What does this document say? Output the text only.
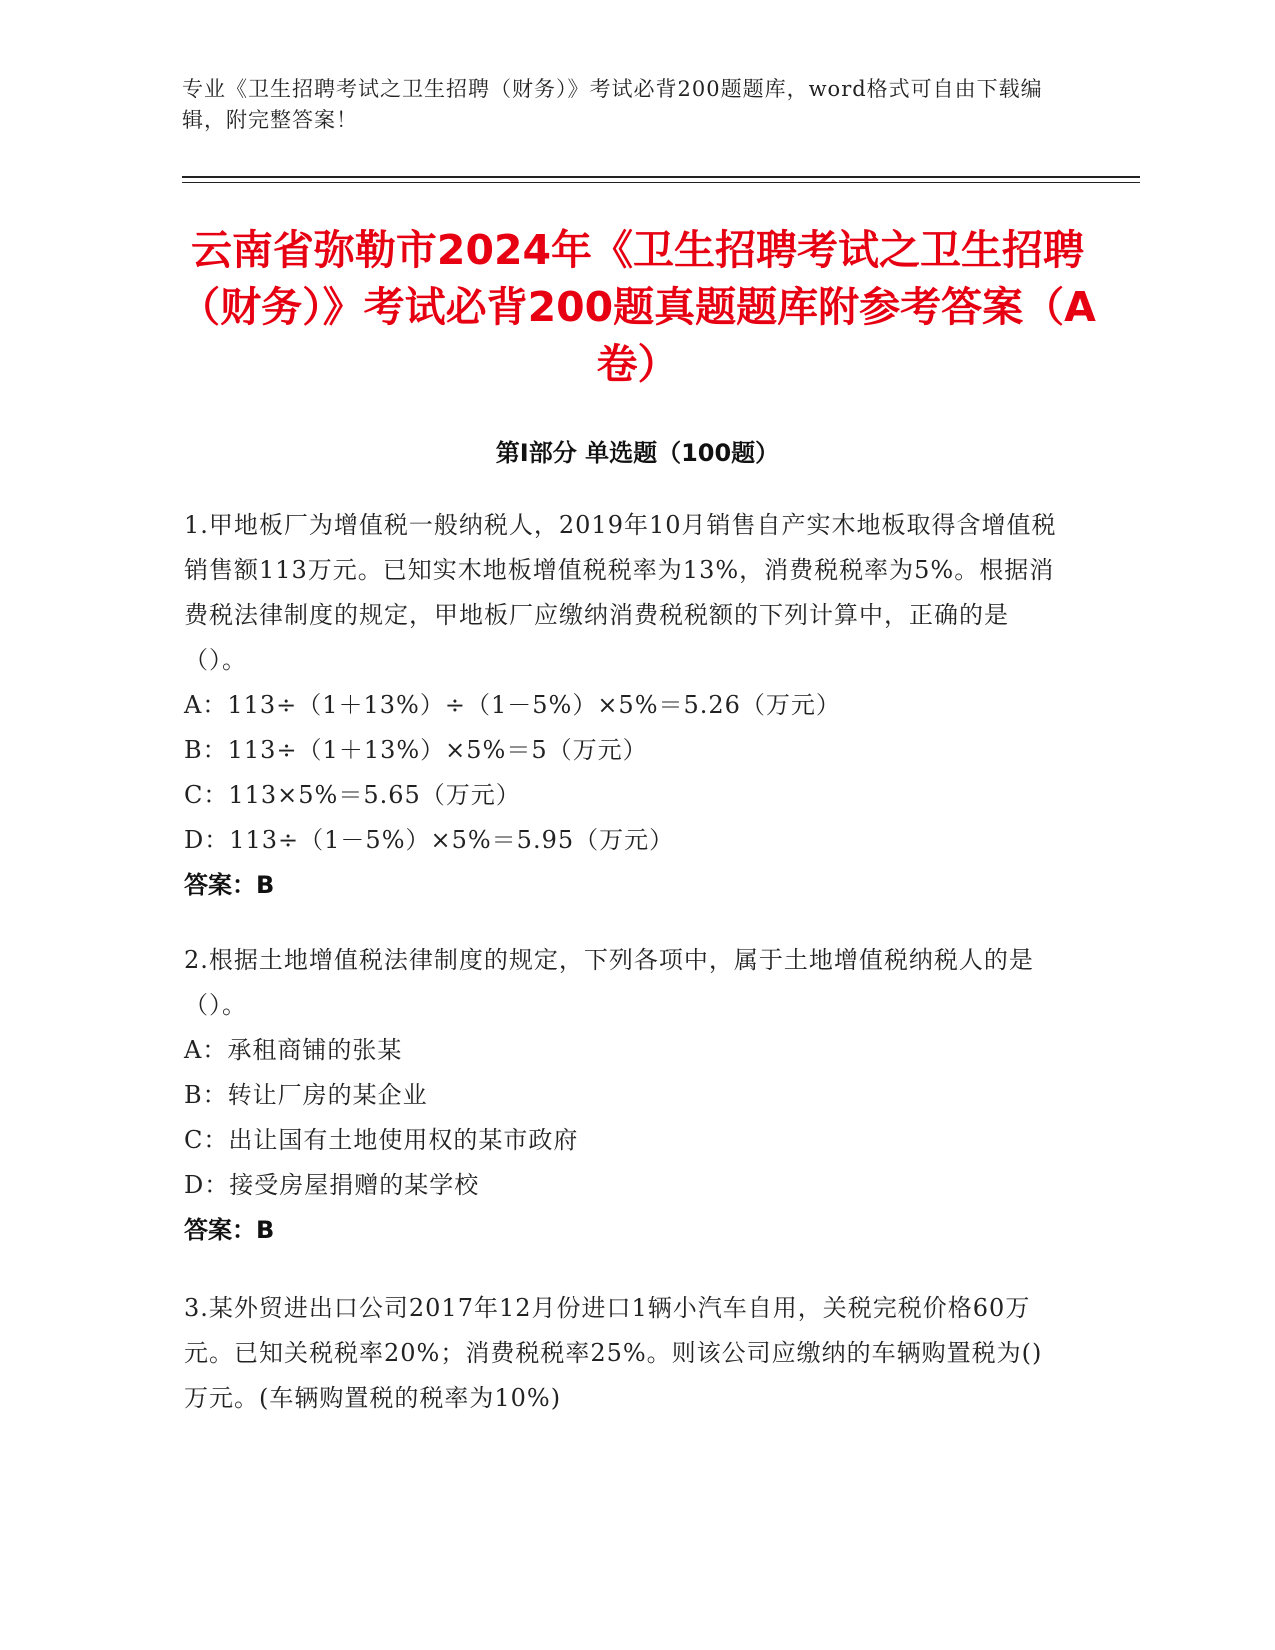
专业《卫生招聘考试之卫生招聘（财务）》考试必背200题题库，word格式可自由下载编辑，附完整答案！

云南省弥勒市2024年《卫生招聘考试之卫生招聘（财务）》考试必背200题真题题库附参考答案（A卷）
第I部分 单选题（100题）

1.甲地板厂为增值税一般纳税人，2019年10月销售自产实木地板取得含增值税销售额113万元。已知实木地板增值税税率为13%，消费税税率为5%。根据消费税法律制度的规定，甲地板厂应缴纳消费税税额的下列计算中，正确的是（）。

A：113÷（1＋13%）÷（1－5%）×5%＝5.26（万元）

B：113÷（1＋13%）×5%＝5（万元）

C：113×5%＝5.65（万元）

D：113÷（1－5%）×5%＝5.95（万元）

答案：B

2.根据土地增值税法律制度的规定，下列各项中，属于土地增值税纳税人的是（）。

A：承租商铺的张某

B：转让厂房的某企业

C：出让国有土地使用权的某市政府

D：接受房屋捐赠的某学校

答案：B

3.某外贸进出口公司2017年12月份进口1辆小汽车自用，关税完税价格60万元。已知关税税率20%；消费税税率25%。则该公司应缴纳的车辆购置税为()万元。(车辆购置税的税率为10%)
